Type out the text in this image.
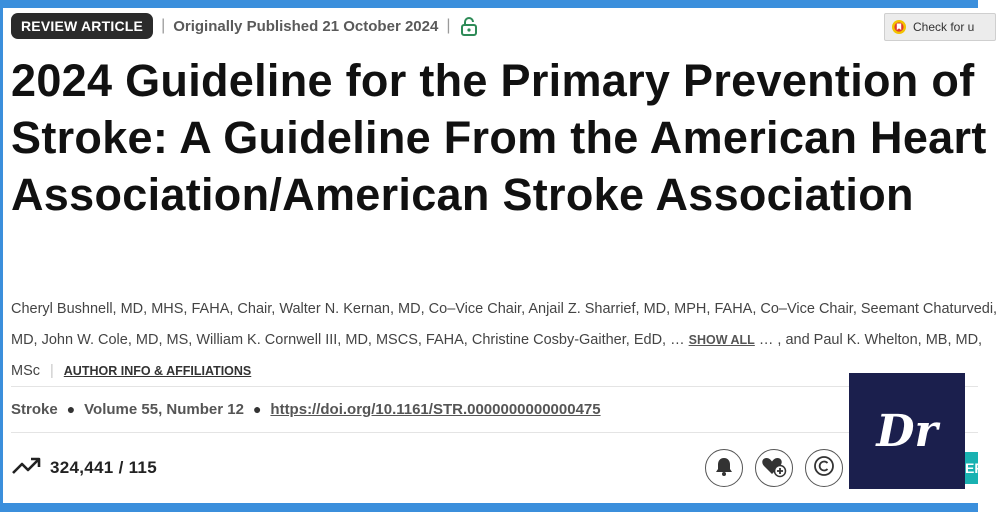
REVIEW ARTICLE	| Originally Published 21 October 2024 |	Check for u
2024 Guideline for the Primary Prevention of Stroke: A Guideline From the American Heart Association/American Stroke Association

Cheryl Bushnell, MD, MHS, FAHA, Chair, Walter N. Kernan, MD, Co–Vice Chair, Anjail Z. Sharrief, MD, MPH, FAHA, Co–Vice Chair, Seemant Chaturvedi, MD, John W. Cole, MD, MS, William K. Cornwell III, MD, MSCS, FAHA, Christine Cosby-Gaither, EdD, … SHOW ALL … , and Paul K. Whelton, MB, MD, MSc | AUTHOR INFO & AFFILIATIONS

Stroke ● Volume 55, Number 12 ● https://doi.org/10.1161/STR.0000000000000475
324,441 / 115
Dr
EP
